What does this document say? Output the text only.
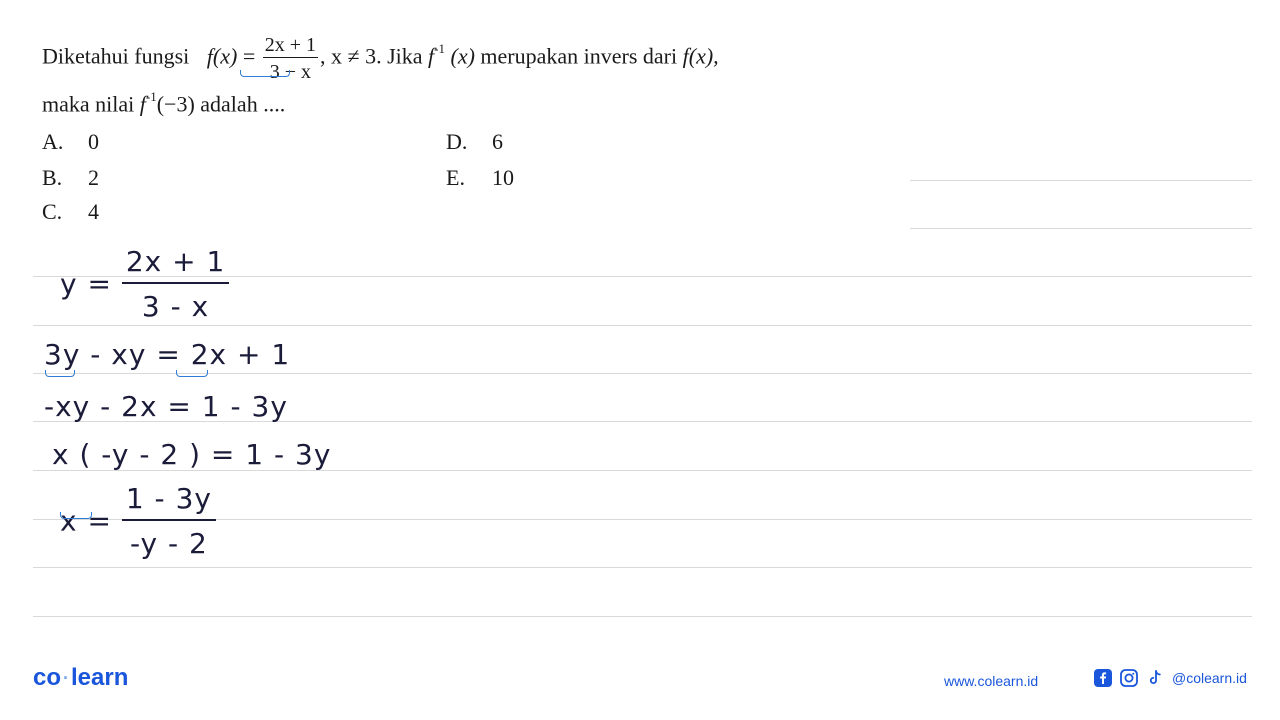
Diketahui fungsi $f(x) = \frac{2x + 1}{3 - x}$ , x ≠ 3. Jika $f^{-1}$ (x) merupakan invers dari f(x),
maka nilai $f^{-1}(-3)$ adalah ....
A. 0
B. 2
C. 4
D. 6
E. 10
$y = \frac{2x + 1}{3 - x}$
3y - xy = 2x + 1
-xy - 2x = 1 - 3y
x ( -y - 2 ) = 1 - 3y
$x = \frac{1 - 3y}{-y - 2}$
co ·learn	www.colearn.id	@colearn.id
